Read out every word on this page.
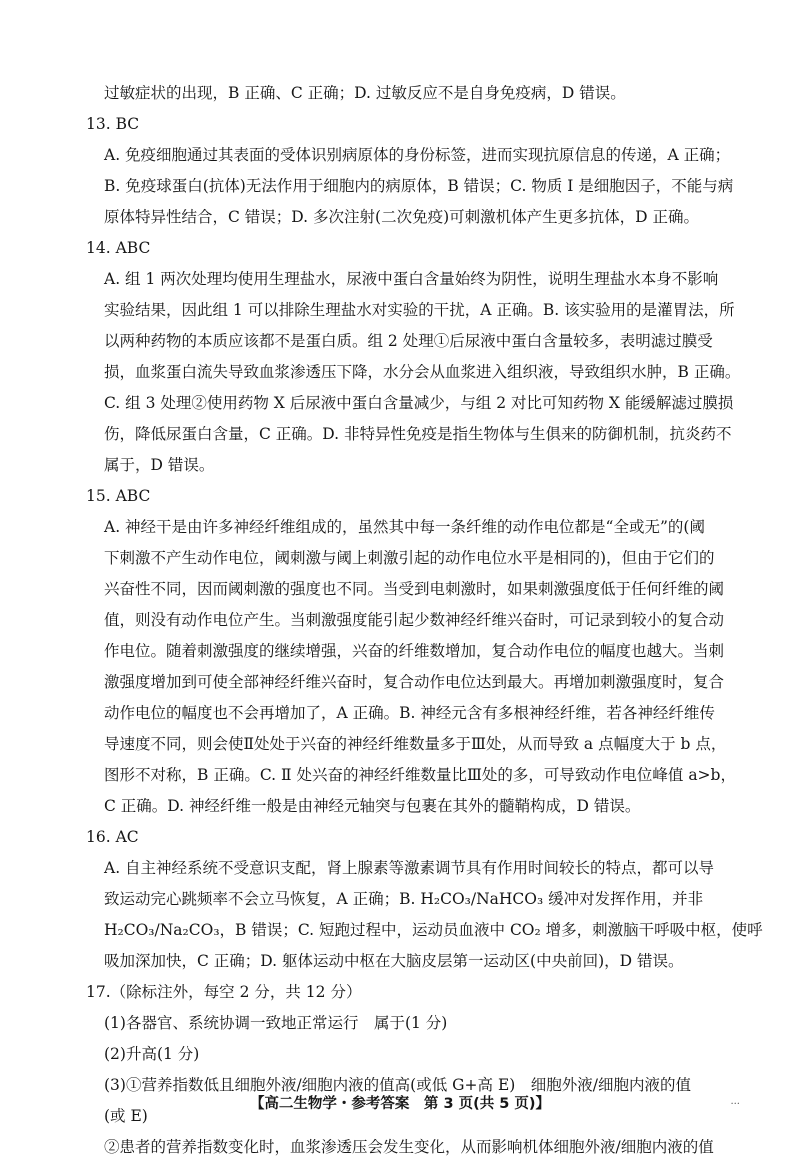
过敏症状的出现，B 正确、C 正确；D. 过敏反应不是自身免疫病，D 错误。
13. BC
A. 免疫细胞通过其表面的受体识别病原体的身份标签，进而实现抗原信息的传递，A 正确；
B. 免疫球蛋白(抗体)无法作用于细胞内的病原体，B 错误；C. 物质 Ⅰ 是细胞因子，不能与病
原体特异性结合，C 错误；D. 多次注射(二次免疫)可刺激机体产生更多抗体，D 正确。
14. ABC
A. 组 1 两次处理均使用生理盐水，尿液中蛋白含量始终为阴性，说明生理盐水本身不影响
实验结果，因此组 1 可以排除生理盐水对实验的干扰，A 正确。B. 该实验用的是灌胃法，所
以两种药物的本质应该都不是蛋白质。组 2 处理①后尿液中蛋白含量较多，表明滤过膜受
损，血浆蛋白流失导致血浆渗透压下降，水分会从血浆进入组织液，导致组织水肿，B 正确。
C. 组 3 处理②使用药物 X 后尿液中蛋白含量减少，与组 2 对比可知药物 X 能缓解滤过膜损
伤，降低尿蛋白含量，C 正确。D. 非特异性免疫是指生物体与生俱来的防御机制，抗炎药不
属于，D 错误。
15. ABC
A. 神经干是由许多神经纤维组成的，虽然其中每一条纤维的动作电位都是“全或无”的(阈
下刺激不产生动作电位，阈刺激与阈上刺激引起的动作电位水平是相同的)，但由于它们的
兴奋性不同，因而阈刺激的强度也不同。当受到电刺激时，如果刺激强度低于任何纤维的阈
值，则没有动作电位产生。当刺激强度能引起少数神经纤维兴奋时，可记录到较小的复合动
作电位。随着刺激强度的继续增强，兴奋的纤维数增加，复合动作电位的幅度也越大。当刺
激强度增加到可使全部神经纤维兴奋时，复合动作电位达到最大。再增加刺激强度时，复合
动作电位的幅度也不会再增加了，A 正确。B. 神经元含有多根神经纤维，若各神经纤维传
导速度不同，则会使Ⅱ处处于兴奋的神经纤维数量多于Ⅲ处，从而导致 a 点幅度大于 b 点，
图形不对称，B 正确。C. Ⅱ 处兴奋的神经纤维数量比Ⅲ处的多，可导致动作电位峰值 a>b，
C 正确。D. 神经纤维一般是由神经元轴突与包裹在其外的髓鞘构成，D 错误。
16. AC
A. 自主神经系统不受意识支配，肾上腺素等激素调节具有作用时间较长的特点，都可以导
致运动完心跳频率不会立马恢复，A 正确；B. H₂CO₃/NaHCO₃ 缓冲对发挥作用，并非
H₂CO₃/Na₂CO₃，B 错误；C. 短跑过程中，运动员血液中 CO₂ 增多，刺激脑干呼吸中枢，使呼
吸加深加快，C 正确；D. 躯体运动中枢在大脑皮层第一运动区(中央前回)，D 错误。
17.（除标注外，每空 2 分，共 12 分）
(1)各器官、系统协调一致地正常运行　属于(1 分)
(2)升高(1 分)
(3)①营养指数低且细胞外液/细胞内液的值高(或低 G+高 E)　细胞外液/细胞内液的值
(或 E)
②患者的营养指数变化时，血浆渗透压会发生变化，从而影响机体细胞外液/细胞内液的值
【高二生物学・参考答案　第 3 页(共 5 页)】	...
